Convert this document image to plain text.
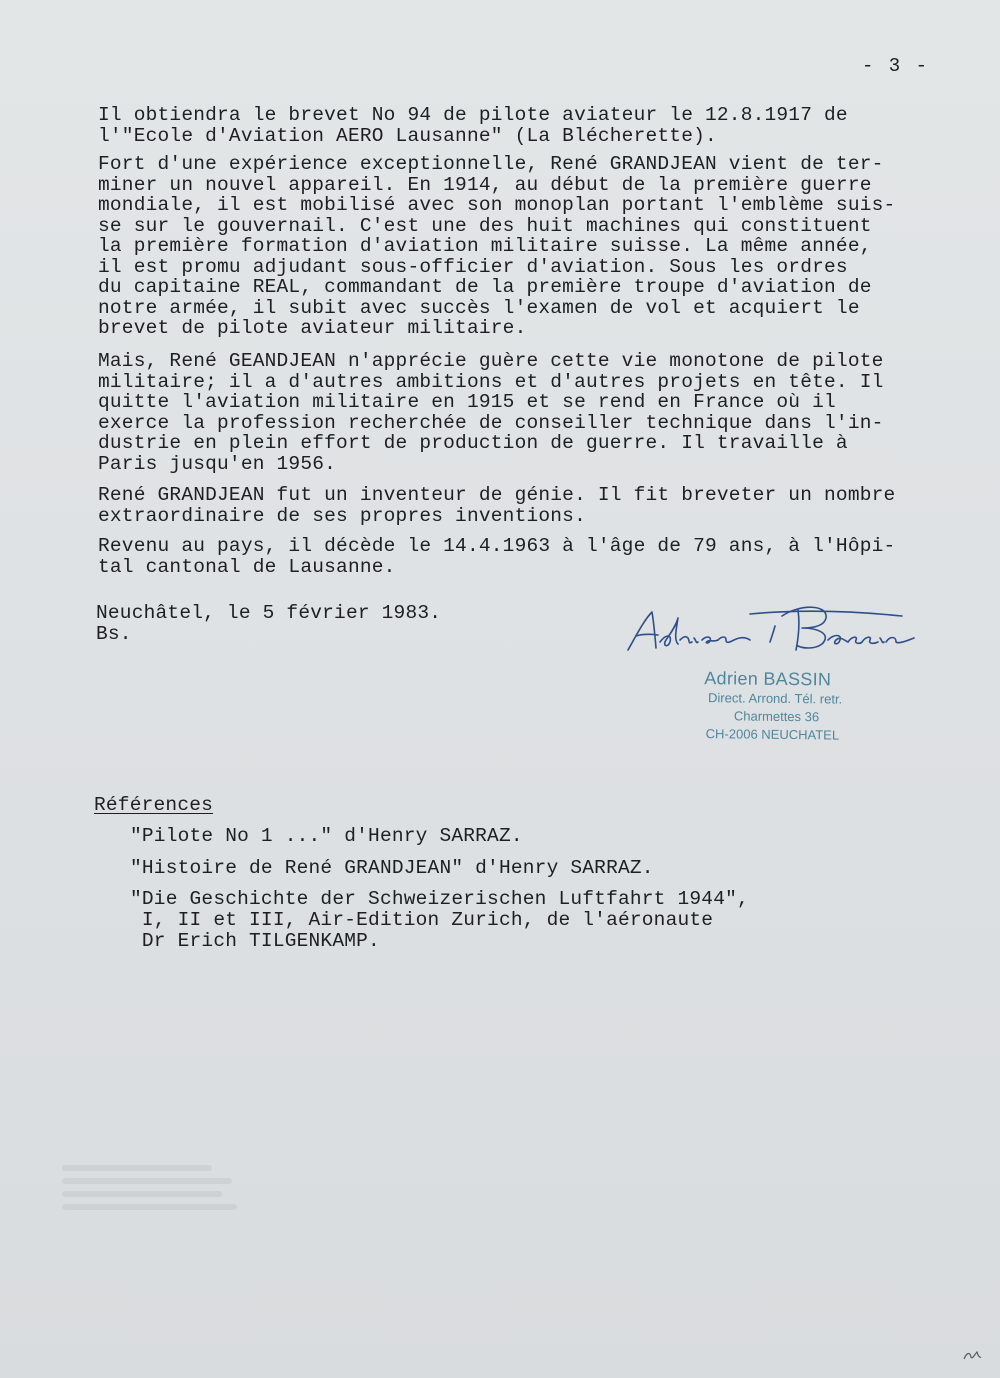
- 3 -

Il obtiendra le brevet No 94 de pilote aviateur le 12.8.1917 de
l'"Ecole d'Aviation AERO Lausanne" (La Blécherette).

Fort d'une expérience exceptionnelle, René GRANDJEAN vient de ter-
miner un nouvel appareil. En 1914, au début de la première guerre
mondiale, il est mobilisé avec son monoplan portant l'emblème suis-
se sur le gouvernail. C'est une des huit machines qui constituent
la première formation d'aviation militaire suisse. La même année,
il est promu adjudant sous-officier d'aviation. Sous les ordres
du capitaine REAL, commandant de la première troupe d'aviation de
notre armée, il subit avec succès l'examen de vol et acquiert le
brevet de pilote aviateur militaire.

Mais, René GEANDJEAN n'apprécie guère cette vie monotone de pilote
militaire; il a d'autres ambitions et d'autres projets en tête. Il
quitte l'aviation militaire en 1915 et se rend en France où il
exerce la profession recherchée de conseiller technique dans l'in-
dustrie en plein effort de production de guerre. Il travaille à
Paris jusqu'en 1956.

René GRANDJEAN fut un inventeur de génie. Il fit breveter un nombre
extraordinaire de ses propres inventions.

Revenu au pays, il décède le 14.4.1963 à l'âge de 79 ans, à l'Hôpi-
tal cantonal de Lausanne.

Neuchâtel, le 5 février 1983.
Bs.
Adrien BASSIN
Direct. Arrond. Tél. retr.
Charmettes 36
CH-2006 NEUCHATEL
Références
"Pilote No 1 ..." d'Henry SARRAZ.
"Histoire de René GRANDJEAN" d'Henry SARRAZ.
"Die Geschichte der Schweizerischen Luftfahrt 1944",
I, II et III, Air-Edition Zurich, de l'aéronaute
Dr Erich TILGENKAMP.
